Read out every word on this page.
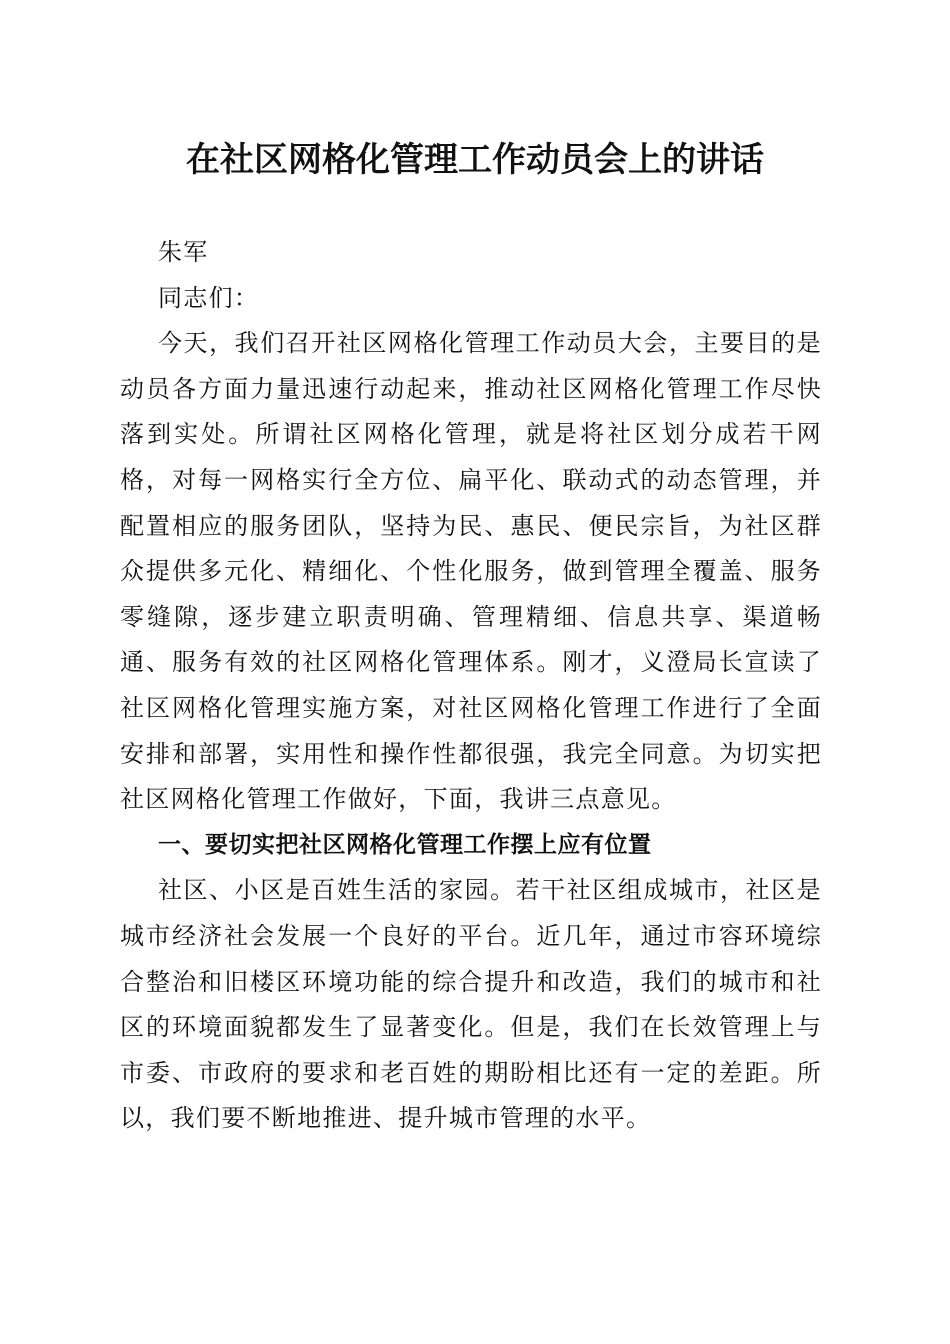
在社区网格化管理工作动员会上的讲话

朱军

同志们：

今天，我们召开社区网格化管理工作动员大会，主要目的是动员各方面力量迅速行动起来，推动社区网格化管理工作尽快落到实处。所谓社区网格化管理，就是将社区划分成若干网格，对每一网格实行全方位、扁平化、联动式的动态管理，并配置相应的服务团队，坚持为民、惠民、便民宗旨，为社区群众提供多元化、精细化、个性化服务，做到管理全覆盖、服务零缝隙，逐步建立职责明确、管理精细、信息共享、渠道畅通、服务有效的社区网格化管理体系。刚才，义澄局长宣读了社区网格化管理实施方案，对社区网格化管理工作进行了全面安排和部署，实用性和操作性都很强，我完全同意。为切实把社区网格化管理工作做好，下面，我讲三点意见。

一、要切实把社区网格化管理工作摆上应有位置

社区、小区是百姓生活的家园。若干社区组成城市，社区是城市经济社会发展一个良好的平台。近几年，通过市容环境综合整治和旧楼区环境功能的综合提升和改造，我们的城市和社区的环境面貌都发生了显著变化。但是，我们在长效管理上与市委、市政府的要求和老百姓的期盼相比还有一定的差距。所以，我们要不断地推进、提升城市管理的水平。
